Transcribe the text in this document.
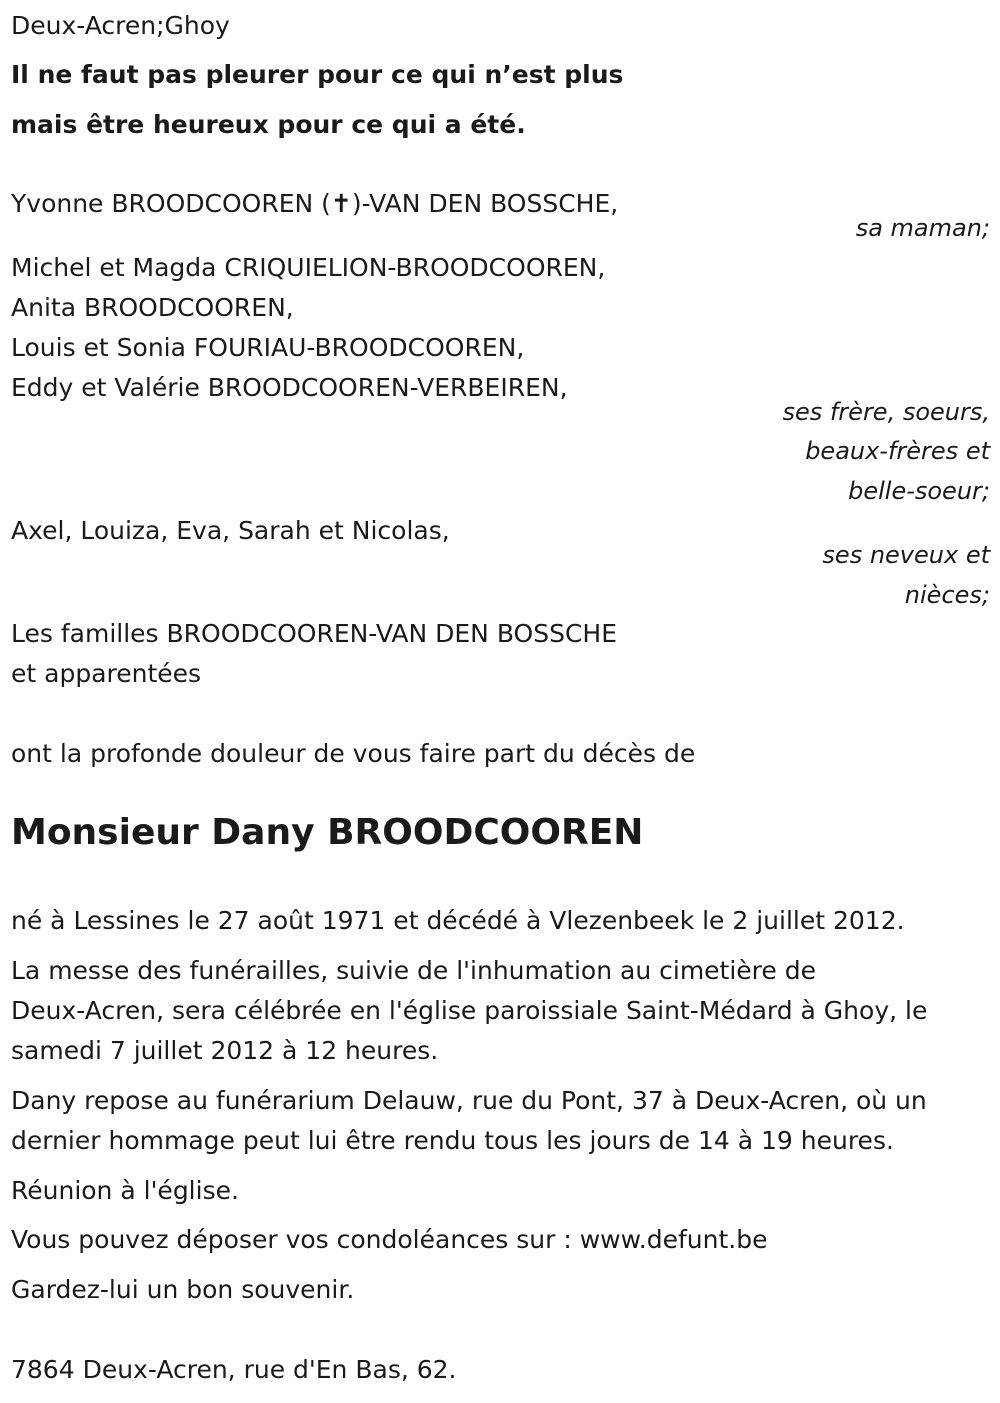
Deux-Acren;Ghoy

Il ne faut pas pleurer pour ce qui n’est plus

mais être heureux pour ce qui a été.

Yvonne BROODCOOREN (✝)-VAN DEN BOSSCHE,

sa maman;

Michel et Magda CRIQUIELION-BROODCOOREN,

Anita BROODCOOREN,

Louis et Sonia FOURIAU-BROODCOOREN,

Eddy et Valérie BROODCOOREN-VERBEIREN,

ses frère, soeurs,

beaux-frères et

belle-soeur;

Axel, Louiza, Eva, Sarah et Nicolas,

ses neveux et

nièces;

Les familles BROODCOOREN-VAN DEN BOSSCHE

et apparentées

ont la profonde douleur de vous faire part du décès de

Monsieur Dany BROODCOOREN

né à Lessines le 27 août 1971 et décédé à Vlezenbeek le 2 juillet 2012.

La messe des funérailles, suivie de l'inhumation au cimetière de

Deux-Acren, sera célébrée en l'église paroissiale Saint-Médard à Ghoy, le

samedi 7 juillet 2012 à 12 heures.

Dany repose au funérarium Delauw, rue du Pont, 37 à Deux-Acren, où un

dernier hommage peut lui être rendu tous les jours de 14 à 19 heures.

Réunion à l'église.

Vous pouvez déposer vos condoléances sur : www.defunt.be

Gardez-lui un bon souvenir.

7864 Deux-Acren, rue d'En Bas, 62.
